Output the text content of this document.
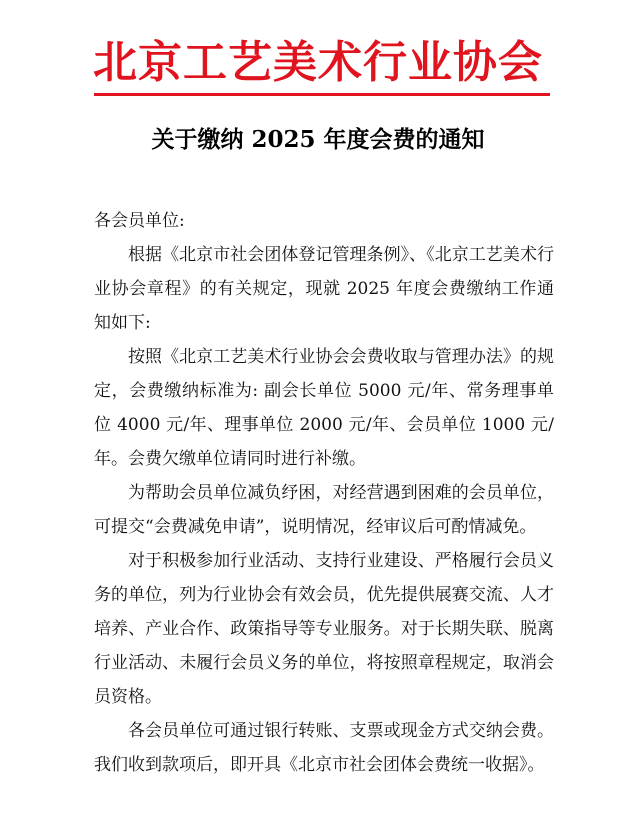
北京工艺美术行业协会
关于缴纳 2025 年度会费的通知

各会员单位:

根据《北京市社会团体登记管理条例》、《北京工艺美术行业协会章程》的有关规定，现就 2025 年度会费缴纳工作通知如下:

按照《北京工艺美术行业协会会费收取与管理办法》的规定，会费缴纳标准为: 副会长单位 5000 元/年、常务理事单位 4000 元/年、理事单位 2000 元/年、会员单位 1000 元/年。会费欠缴单位请同时进行补缴。

为帮助会员单位减负纾困，对经营遇到困难的会员单位，可提交“会费减免申请”，说明情况，经审议后可酌情减免。

对于积极参加行业活动、支持行业建设、严格履行会员义务的单位，列为行业协会有效会员，优先提供展赛交流、人才培养、产业合作、政策指导等专业服务。对于长期失联、脱离行业活动、未履行会员义务的单位，将按照章程规定，取消会员资格。

各会员单位可通过银行转账、支票或现金方式交纳会费。我们收到款项后，即开具《北京市社会团体会费统一收据》。
